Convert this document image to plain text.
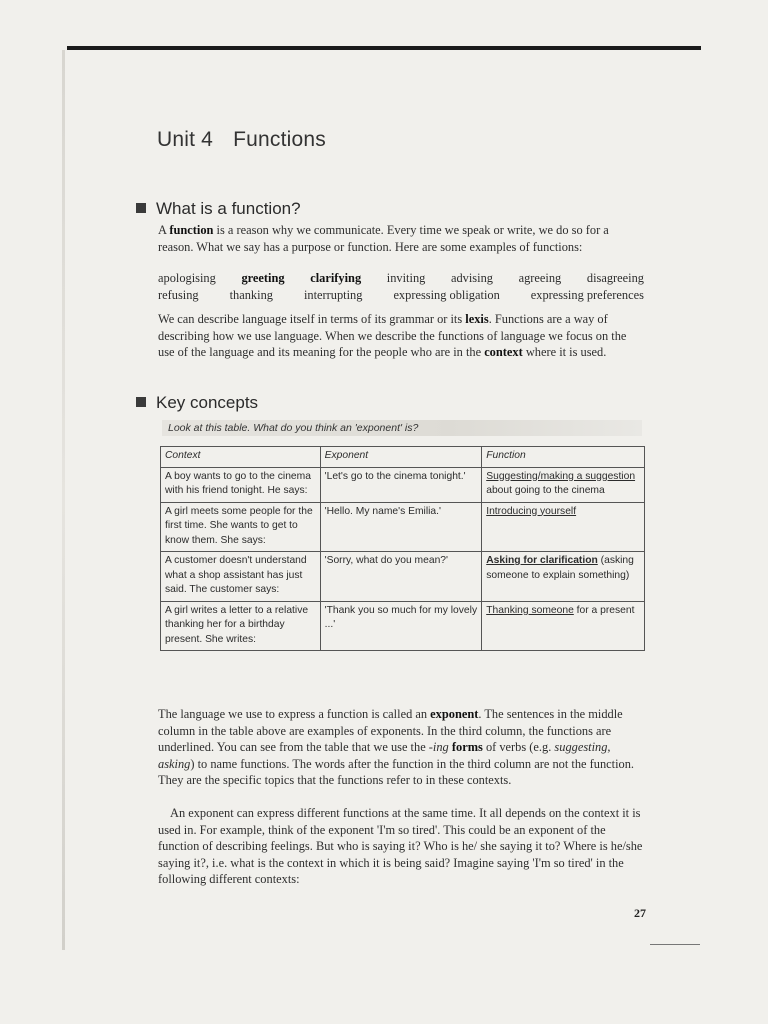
Unit 4 Functions
What is a function?
A function is a reason why we communicate. Every time we speak or write, we do so for a reason. What we say has a purpose or function. Here are some examples of functions:
apologising greeting clarifying inviting advising agreeing disagreeing
refusing thanking interrupting expressing obligation expressing preferences
We can describe language itself in terms of its grammar or its lexis. Functions are a way of describing how we use language. When we describe the functions of language we focus on the use of the language and its meaning for the people who are in the context where it is used.
Key concepts
Look at this table. What do you think an 'exponent' is?
Context	Exponent	Function
A boy wants to go to the cinema with his friend tonight. He says:	'Let's go to the cinema tonight.'	Suggesting/making a suggestion about going to the cinema
A girl meets some people for the first time. She wants to get to know them. She says:	'Hello. My name's Emilia.'	Introducing yourself
A customer doesn't understand what a shop assistant has just said. The customer says:	'Sorry, what do you mean?'	Asking for clarification (asking someone to explain something)
A girl writes a letter to a relative thanking her for a birthday present. She writes:	'Thank you so much for my lovely ...'	Thanking someone for a present
The language we use to express a function is called an exponent. The sentences in the middle column in the table above are examples of exponents. In the third column, the functions are underlined. You can see from the table that we use the -ing forms of verbs (e.g. suggesting, asking) to name functions. The words after the function in the third column are not the function. They are the specific topics that the functions refer to in these contexts.
An exponent can express different functions at the same time. It all depends on the context it is used in. For example, think of the exponent 'I'm so tired'. This could be an exponent of the function of describing feelings. But who is saying it? Who is he/ she saying it to? Where is he/she saying it?, i.e. what is the context in which it is being said? Imagine saying 'I'm so tired' in the following different contexts:
27
